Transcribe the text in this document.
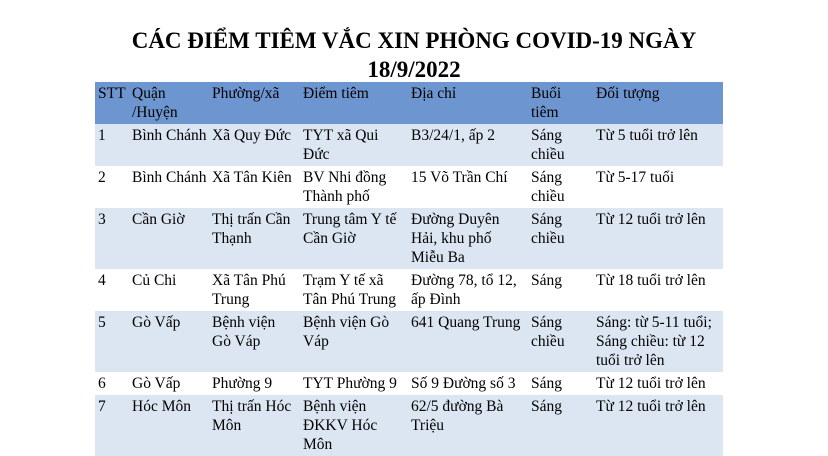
CÁC ĐIỂM TIÊM VẮC XIN PHÒNG COVID-19 NGÀY
18/9/2022
STT	Quận /Huyện	Phường/xã	Điểm tiêm	Địa chỉ	Buổi tiêm	Đối tượng
1	Bình Chánh	Xã Quy Đức	TYT xã Qui Đức	B3/24/1, ấp 2	Sáng chiều	Từ 5 tuổi trở lên
2	Bình Chánh	Xã Tân Kiên	BV Nhi đồng Thành phố	15 Võ Trần Chí	Sáng chiều	Từ 5-17 tuổi
3	Cần Giờ	Thị trấn Cần Thạnh	Trung tâm Y tế Cần Giờ	Đường Duyên Hải, khu phố Miễu Ba	Sáng chiều	Từ 12 tuổi trở lên
4	Củ Chi	Xã Tân Phú Trung	Trạm Y tế xã Tân Phú Trung	Đường 78, tổ 12, ấp Đình	Sáng	Từ 18 tuổi trở lên
5	Gò Vấp	Bệnh viện Gò Váp	Bệnh viện Gò Váp	641 Quang Trung	Sáng chiều	Sáng: từ 5-11 tuổi; Sáng chiều: từ 12 tuổi trở lên
6	Gò Vấp	Phường 9	TYT Phường 9	Số 9 Đường số 3	Sáng	Từ 12 tuổi trở lên
7	Hóc Môn	Thị trấn Hóc Môn	Bệnh viện ĐKKV Hóc Môn	62/5 đường Bà Triệu	Sáng	Từ 12 tuổi trở lên
